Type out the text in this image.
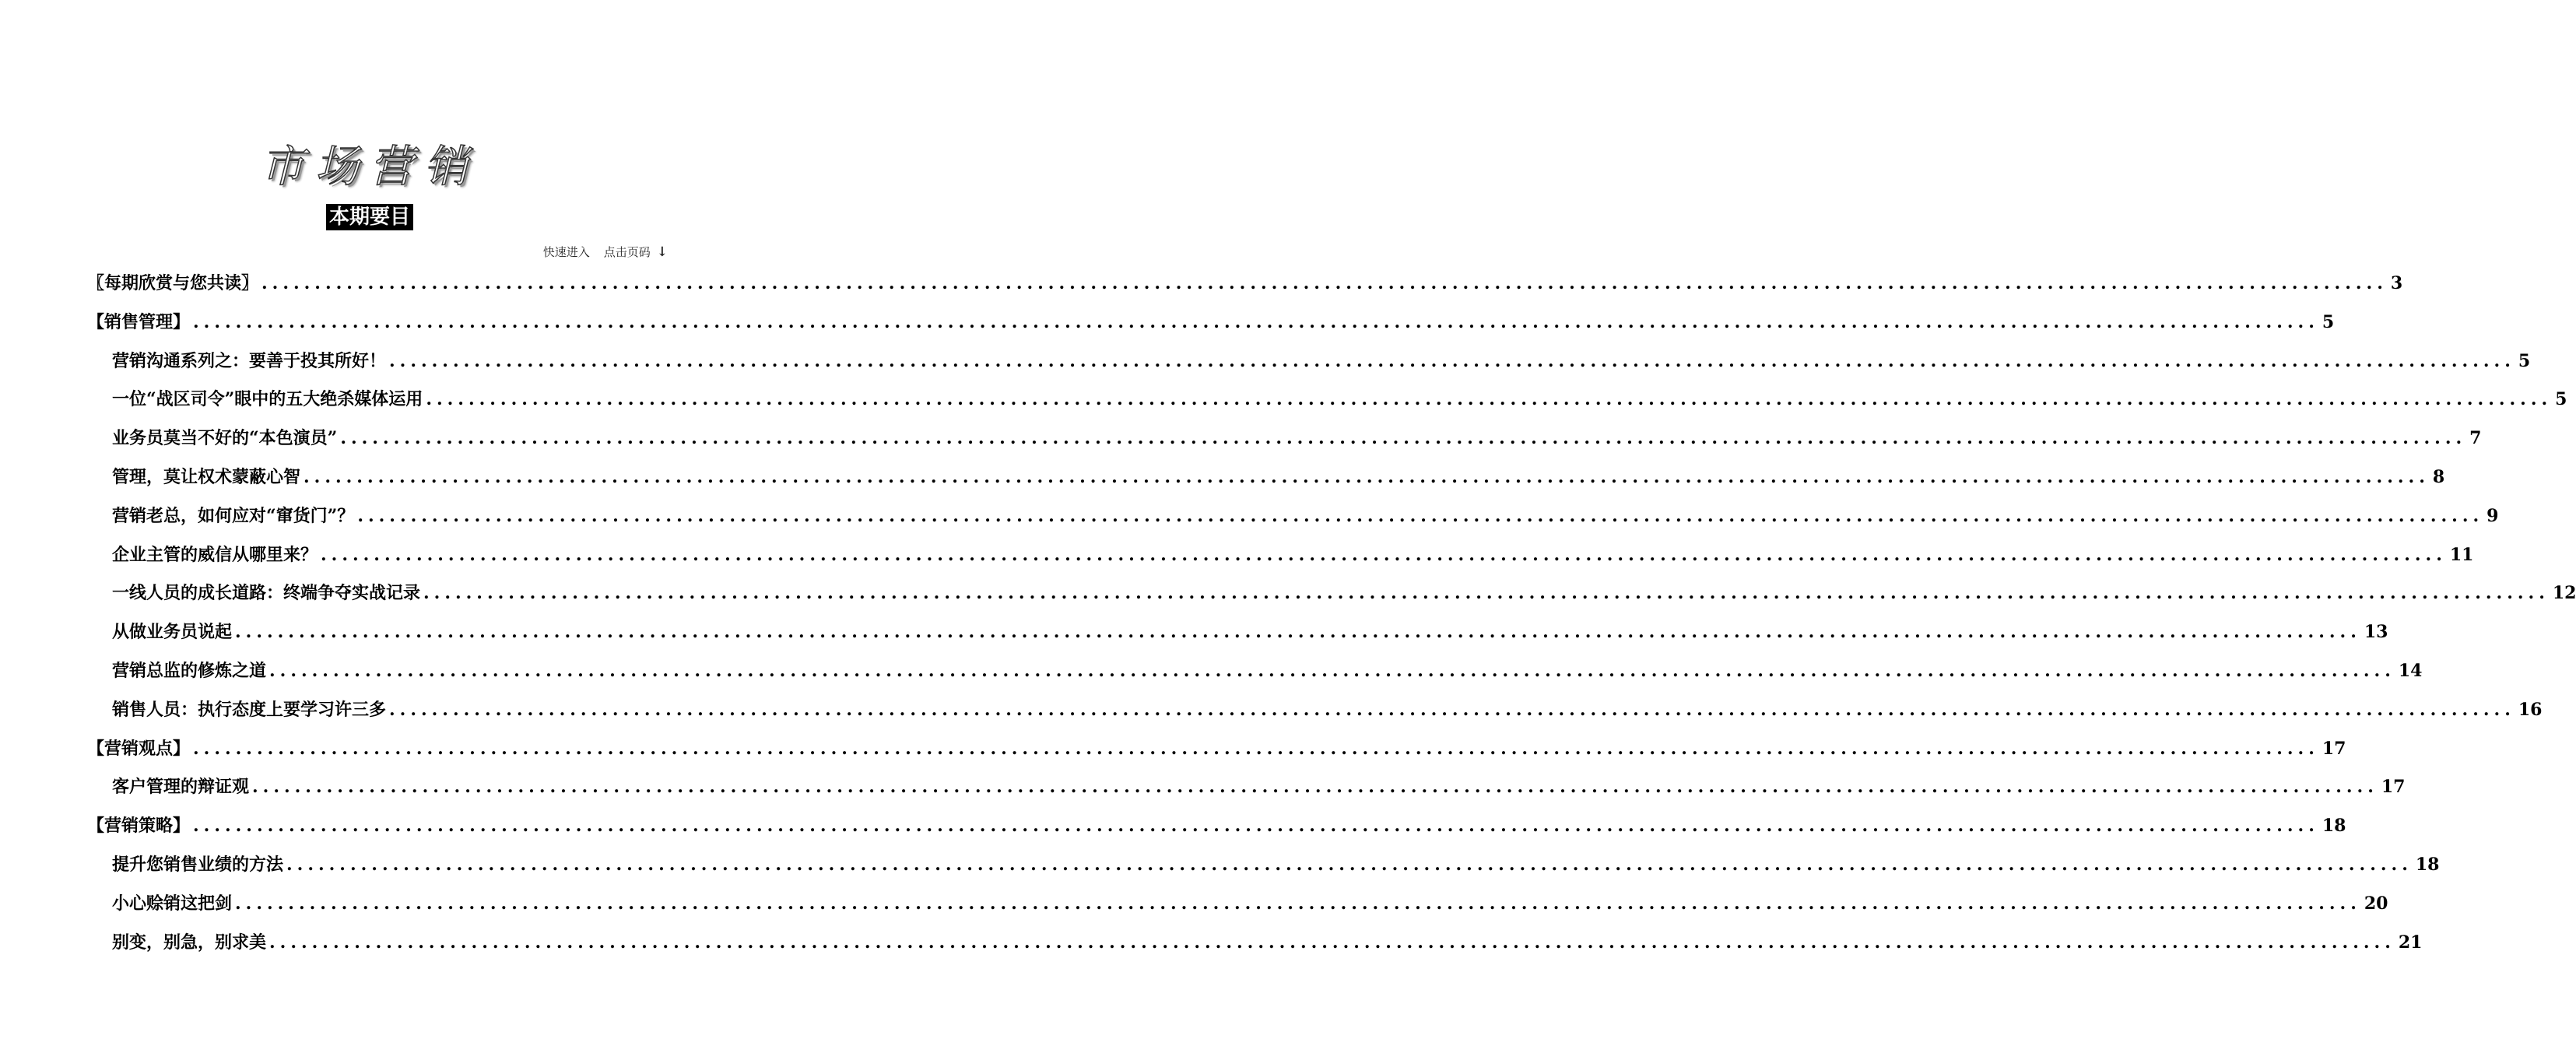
市场营销
本期要目
快速进入 点击页码 ↓
〖每期欣赏与您共读〗 ........................................................................................................................................................................................................ 3
【销售管理】 ........................................................................................................................................................................................................ 5
营销沟通系列之：要善于投其所好！ ........................................................................................................................................................................................................ 5
一位“战区司令”眼中的五大绝杀媒体运用 ........................................................................................................................................................................................................ 5
业务员莫当不好的“本色演员” ........................................................................................................................................................................................................ 7
管理，莫让权术蒙蔽心智 ........................................................................................................................................................................................................ 8
营销老总，如何应对“窜货门”？ ........................................................................................................................................................................................................ 9
企业主管的威信从哪里来？ ........................................................................................................................................................................................................ 11
一线人员的成长道路：终端争夺实战记录 ........................................................................................................................................................................................................ 12
从做业务员说起 ........................................................................................................................................................................................................ 13
营销总监的修炼之道 ........................................................................................................................................................................................................ 14
销售人员：执行态度上要学习许三多 ........................................................................................................................................................................................................ 16
【营销观点】 ........................................................................................................................................................................................................ 17
客户管理的辩证观 ........................................................................................................................................................................................................ 17
【营销策略】 ........................................................................................................................................................................................................ 18
提升您销售业绩的方法 ........................................................................................................................................................................................................ 18
小心赊销这把剑 ........................................................................................................................................................................................................ 20
别变，别急，别求美 ........................................................................................................................................................................................................ 21
